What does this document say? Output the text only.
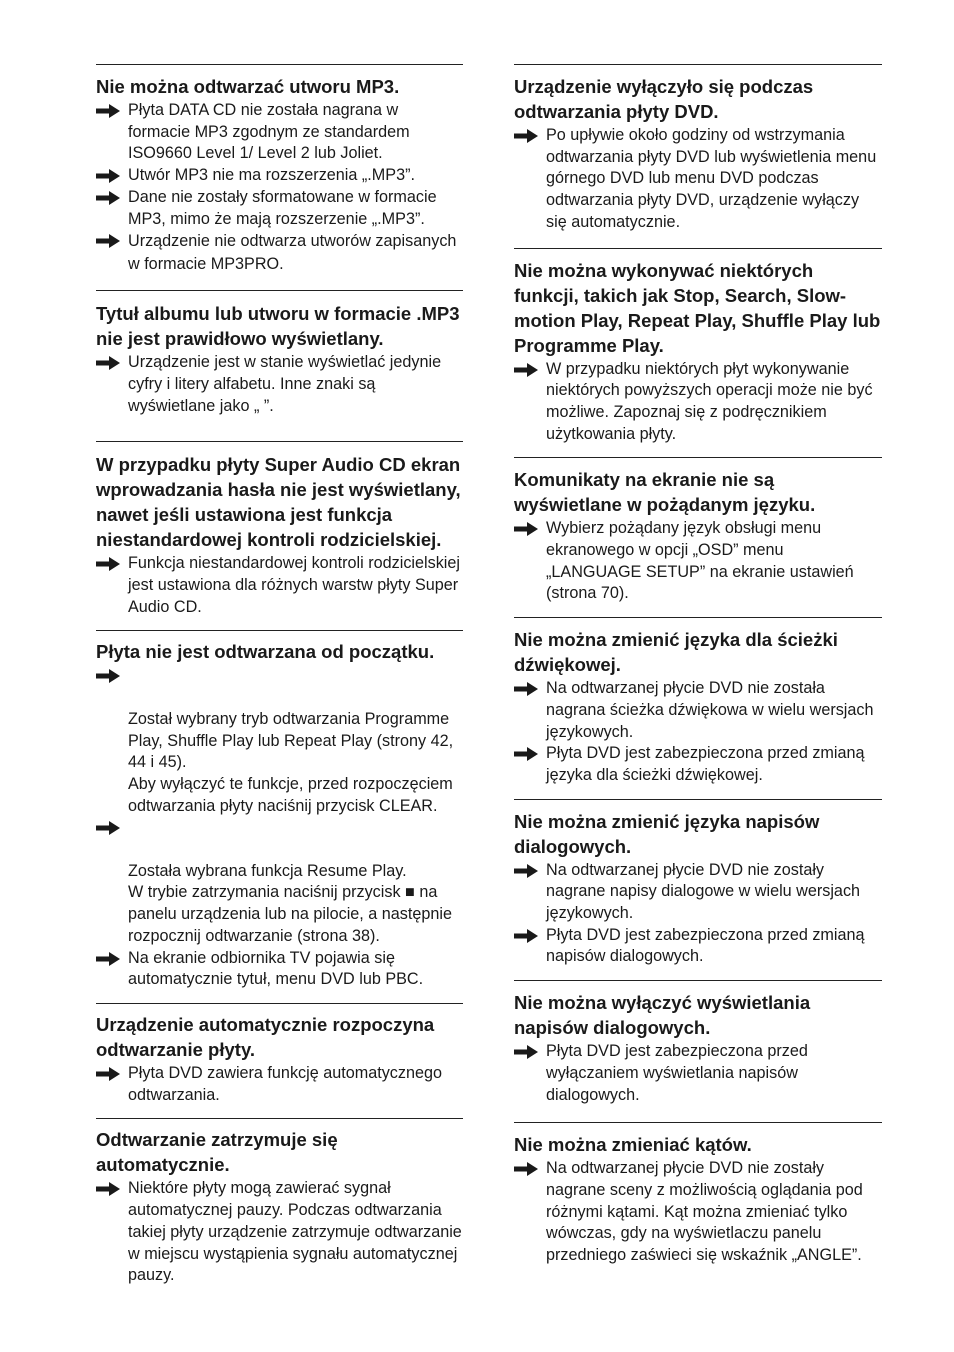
Nie można odtwarzać utworu MP3.
Płyta DATA CD nie została nagrana w formacie MP3 zgodnym ze standardem ISO9660 Level 1/ Level 2 lub Joliet.
Utwór MP3 nie ma rozszerzenia „.MP3”.
Dane nie zostały sformatowane w formacie MP3, mimo że mają rozszerzenie „.MP3”.
Urządzenie nie odtwarza utworów zapisanych w formacie MP3PRO.
Tytuł albumu lub utworu w formacie .MP3 nie jest prawidłowo wyświetlany.
Urządzenie jest w stanie wyświetlać jedynie cyfry i litery alfabetu. Inne znaki są wyświetlane jako „ ”.
W przypadku płyty Super Audio CD ekran wprowadzania hasła nie jest wyświetlany, nawet jeśli ustawiona jest funkcja niestandardowej kontroli rodzicielskiej.
Funkcja niestandardowej kontroli rodzicielskiej jest ustawiona dla różnych warstw płyty Super Audio CD.
Płyta nie jest odtwarzana od początku.

Został wybrany tryb odtwarzania Programme Play, Shuffle Play lub Repeat Play (strony 42, 44 i 45).
Aby wyłączyć te funkcje, przed rozpoczęciem odtwarzania płyty naciśnij przycisk CLEAR.

Została wybrana funkcja Resume Play.
W trybie zatrzymania naciśnij przycisk ■ na panelu urządzenia lub na pilocie, a następnie rozpocznij odtwarzanie (strona 38).

Na ekranie odbiornika TV pojawia się automatycznie tytuł, menu DVD lub PBC.
Urządzenie automatycznie rozpoczyna odtwarzanie płyty.
Płyta DVD zawiera funkcję automatycznego odtwarzania.
Odtwarzanie zatrzymuje się automatycznie.
Niektóre płyty mogą zawierać sygnał automatycznej pauzy. Podczas odtwarzania takiej płyty urządzenie zatrzymuje odtwarzanie w miejscu wystąpienia sygnału automatycznej pauzy.
Urządzenie wyłączyło się podczas odtwarzania płyty DVD.
Po upływie około godziny od wstrzymania odtwarzania płyty DVD lub wyświetlenia menu górnego DVD lub menu DVD podczas odtwarzania płyty DVD, urządzenie wyłączy się automatycznie.
Nie można wykonywać niektórych funkcji, takich jak Stop, Search, Slow-motion Play, Repeat Play, Shuffle Play lub Programme Play.
W przypadku niektórych płyt wykonywanie niektórych powyższych operacji może nie być możliwe. Zapoznaj się z podręcznikiem użytkowania płyty.
Komunikaty na ekranie nie są wyświetlane w pożądanym języku.
Wybierz pożądany język obsługi menu ekranowego w opcji „OSD” menu „LANGUAGE SETUP” na ekranie ustawień (strona 70).
Nie można zmienić języka dla ścieżki dźwiękowej.
Na odtwarzanej płycie DVD nie została nagrana ścieżka dźwiękowa w wielu wersjach językowych.
Płyta DVD jest zabezpieczona przed zmianą języka dla ścieżki dźwiękowej.
Nie można zmienić języka napisów dialogowych.
Na odtwarzanej płycie DVD nie zostały nagrane napisy dialogowe w wielu wersjach językowych.
Płyta DVD jest zabezpieczona przed zmianą napisów dialogowych.
Nie można wyłączyć wyświetlania napisów dialogowych.
Płyta DVD jest zabezpieczona przed wyłączaniem wyświetlania napisów dialogowych.
Nie można zmieniać kątów.
Na odtwarzanej płycie DVD nie zostały nagrane sceny z możliwością oglądania pod różnymi kątami. Kąt można zmieniać tylko wówczas, gdy na wyświetlaczu panelu przedniego zaświeci się wskaźnik „ANGLE”.
